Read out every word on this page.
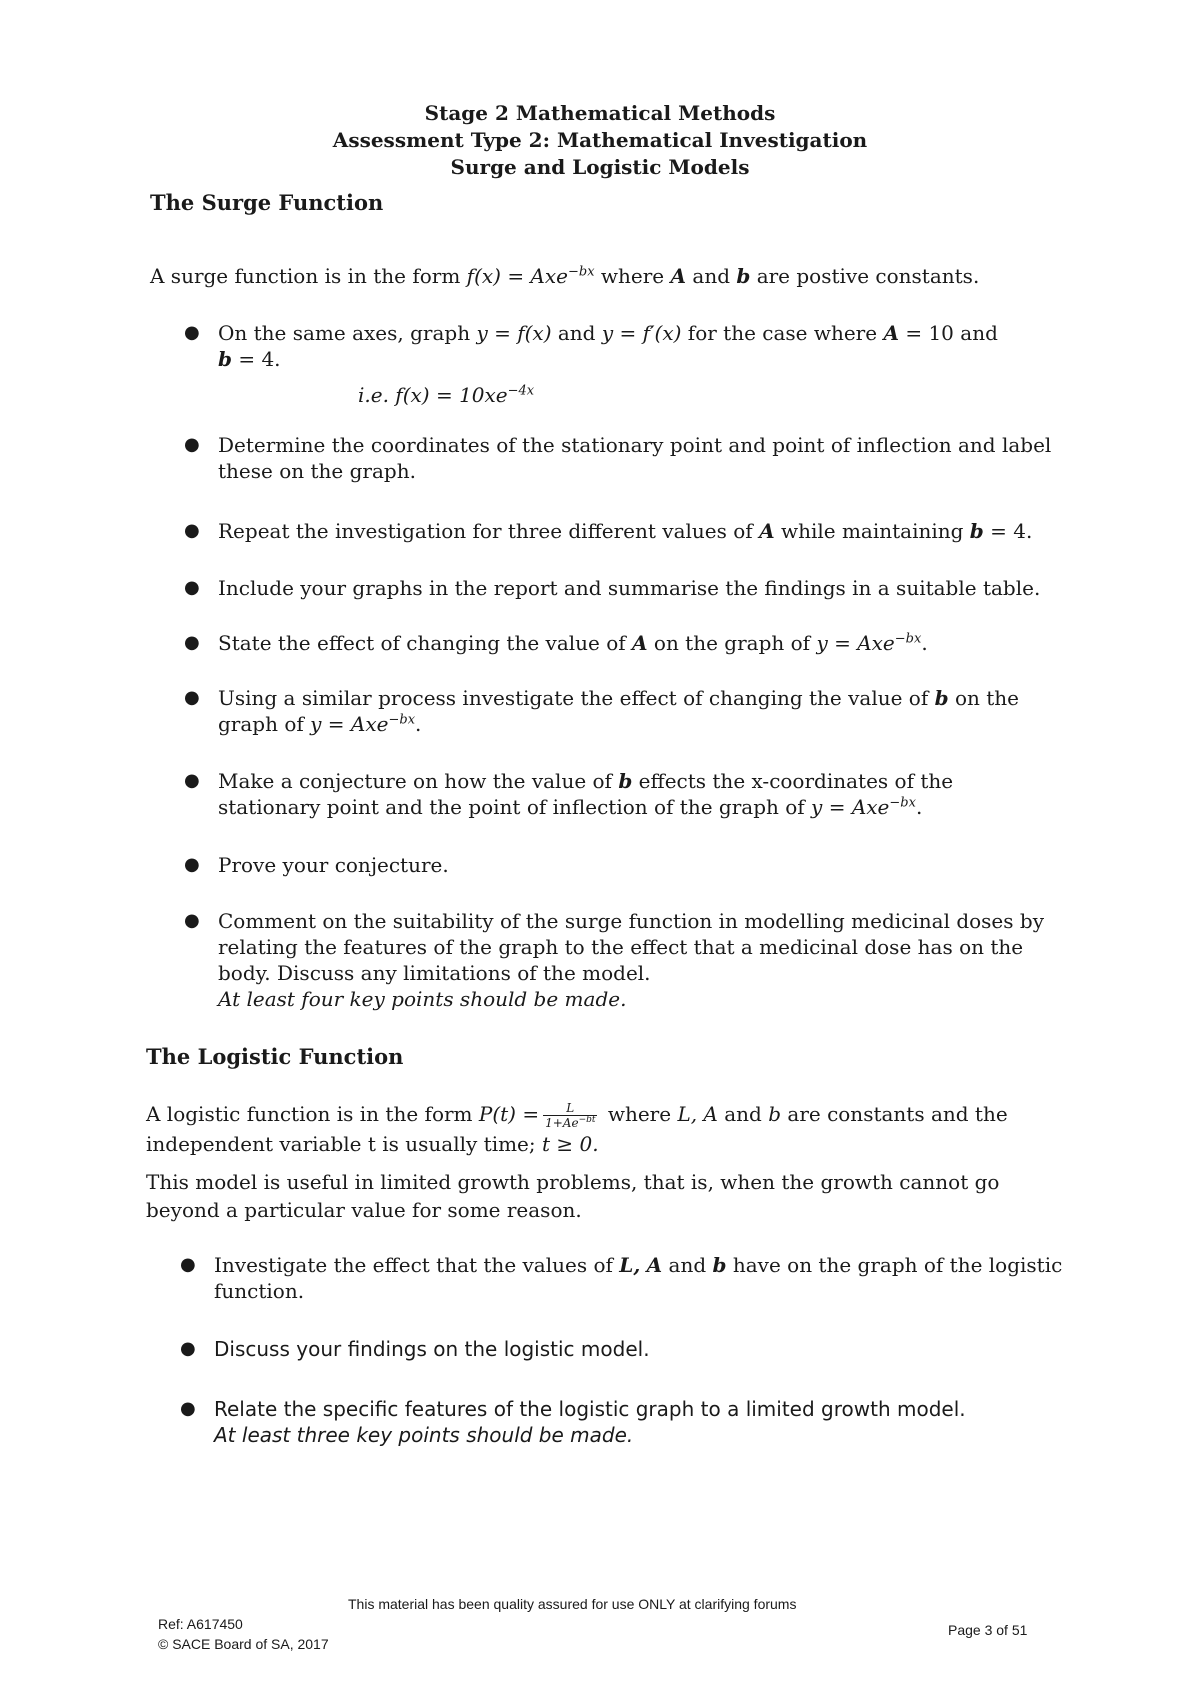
Stage 2 Mathematical Methods
Assessment Type 2: Mathematical Investigation
Surge and Logistic Models
The Surge Function
A surge function is in the form f(x) = Axe$^{-bx}$ where A and b are postive constants.
● On the same axes, graph y = f(x) and y = f′(x) for the case where A = 10 and
b = 4.
i.e. $f(x) = 10xe^{-4x}$
● Determine the coordinates of the stationary point and point of inflection and label these on the graph.
● Repeat the investigation for three different values of A while maintaining b = 4.
● Include your graphs in the report and summarise the findings in a suitable table.
● State the effect of changing the value of A on the graph of y = Axe$^{-bx}$.
● Using a similar process investigate the effect of changing the value of b on the graph of y = Axe$^{-bx}$.
● Make a conjecture on how the value of b effects the x-coordinates of the stationary point and the point of inflection of the graph of y = Axe$^{-bx}$.
● Prove your conjecture.
● Comment on the suitability of the surge function in modelling medicinal doses by relating the features of the graph to the effect that a medicinal dose has on the body. Discuss any limitations of the model.
At least four key points should be made.
The Logistic Function
A logistic function is in the form $P(t) = \frac{L}{1+Ae^{-bt}}$ where L, A and b are constants and the independent variable t is usually time; t ≥ 0.
This model is useful in limited growth problems, that is, when the growth cannot go beyond a particular value for some reason.
● Investigate the effect that the values of L, A and b have on the graph of the logistic function.
● Discuss your findings on the logistic model.
● Relate the specific features of the logistic graph to a limited growth model.
At least three key points should be made.
This material has been quality assured for use ONLY at clarifying forums
Ref: A617450
© SACE Board of SA, 2017
Page 3 of 51
